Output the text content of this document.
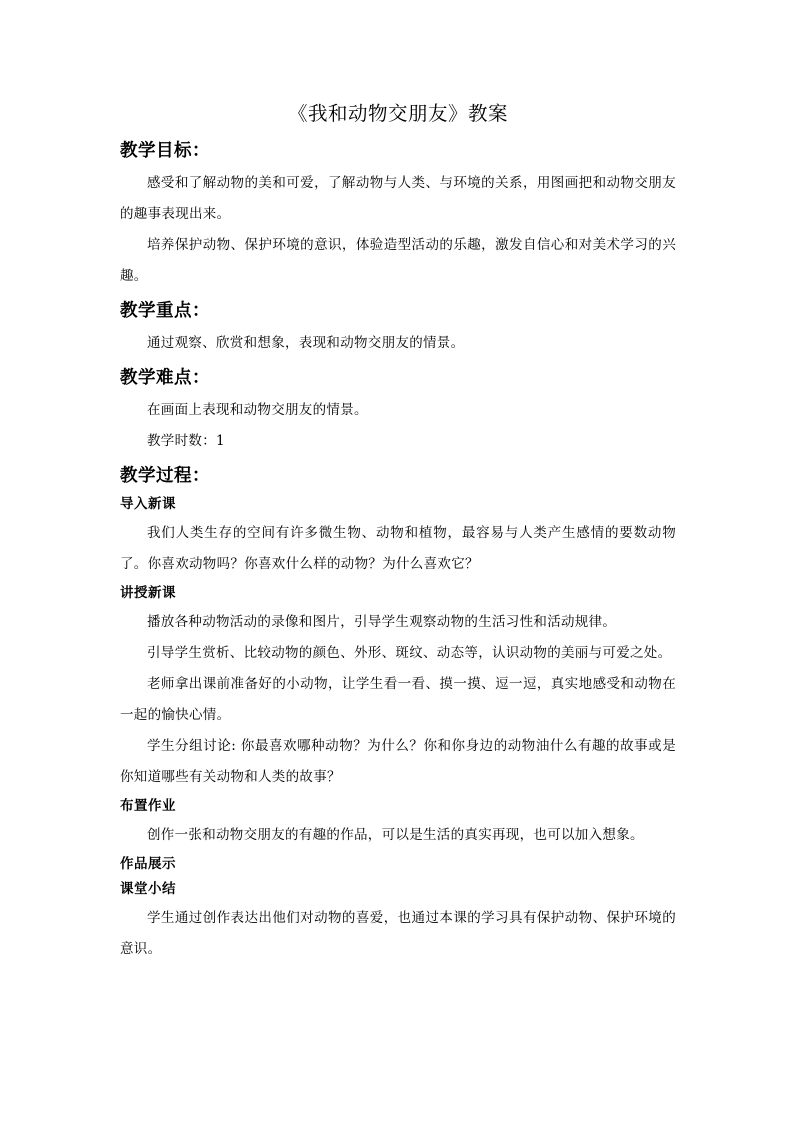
《我和动物交朋友》教案
教学目标：

感受和了解动物的美和可爱，了解动物与人类、与环境的关系，用图画把和动物交朋友的趣事表现出来。

培养保护动物、保护环境的意识，体验造型活动的乐趣，激发自信心和对美术学习的兴趣。

教学重点：

通过观察、欣赏和想象，表现和动物交朋友的情景。

教学难点：

在画面上表现和动物交朋友的情景。

教学时数：1

教学过程：
导入新课

我们人类生存的空间有许多微生物、动物和植物，最容易与人类产生感情的要数动物了。你喜欢动物吗？你喜欢什么样的动物？为什么喜欢它？

讲授新课

播放各种动物活动的录像和图片，引导学生观察动物的生活习性和活动规律。

引导学生赏析、比较动物的颜色、外形、斑纹、动态等，认识动物的美丽与可爱之处。

老师拿出课前准备好的小动物，让学生看一看、摸一摸、逗一逗，真实地感受和动物在一起的愉快心情。

学生分组讨论: 你最喜欢哪种动物？为什么？你和你身边的动物油什么有趣的故事或是你知道哪些有关动物和人类的故事？

布置作业

创作一张和动物交朋友的有趣的作品，可以是生活的真实再现，也可以加入想象。

作品展示
课堂小结

学生通过创作表达出他们对动物的喜爱，也通过本课的学习具有保护动物、保护环境的意识。
